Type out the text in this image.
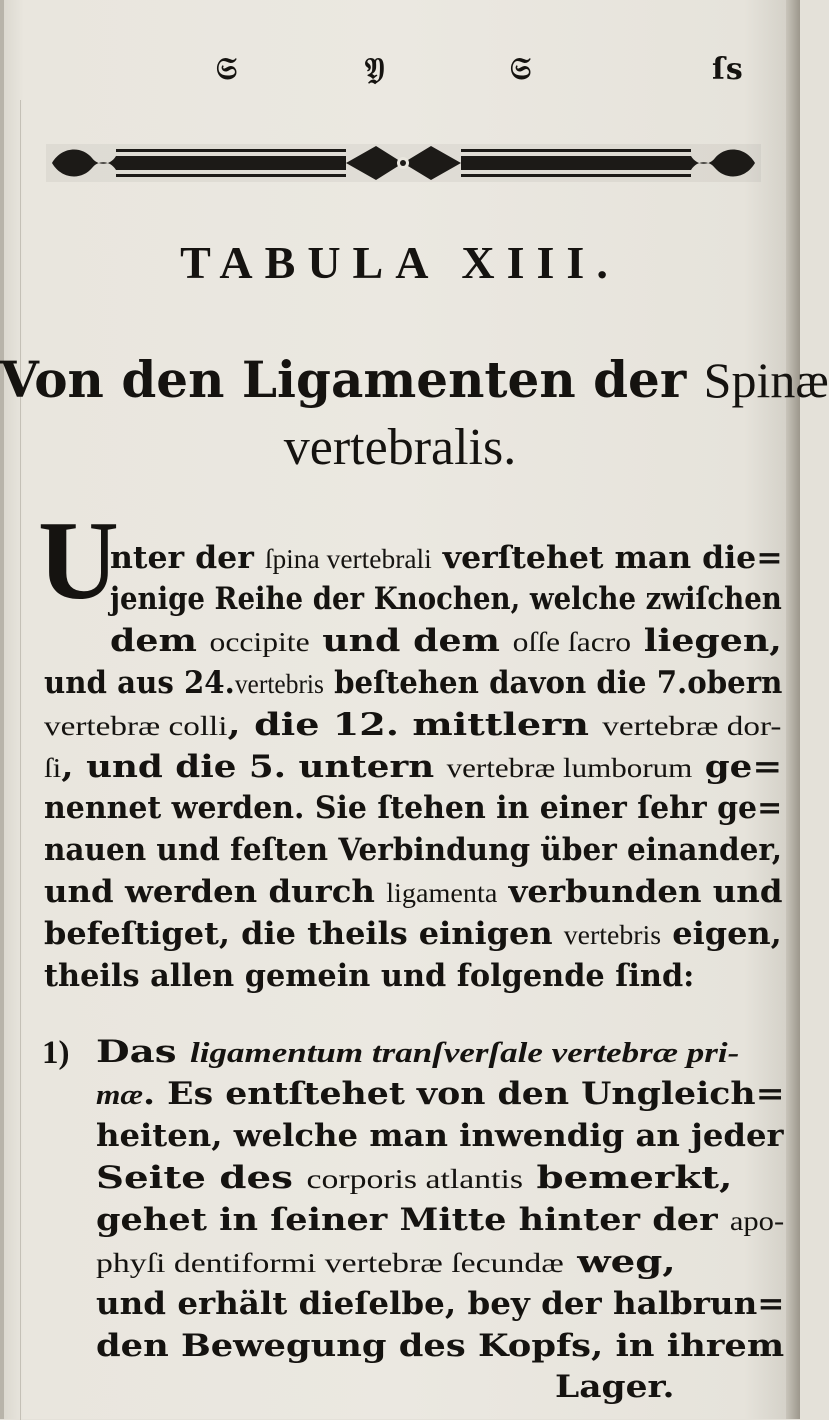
𝔖	𝔜	𝔖	ſs
TABULA XIII.
Von den Ligamenten der Spinæ
vertebralis.
U
nter der ſpina vertebrali verſtehet man die=
jenige Reihe der Knochen, welche zwiſchen
dem occipite und dem oſſe ſacro liegen,
und aus 24.vertebris beſtehen davon die 7.obern
vertebræ colli, die 12. mittlern vertebræ dor-
ſi, und die 5. untern vertebræ lumborum ge=
nennet werden. Sie ſtehen in einer ſehr ge=
nauen und feſten Verbindung über einander,
und werden durch ligamenta verbunden und
befeſtiget, die theils einigen vertebris eigen,
theils allen gemein und folgende ſind:
1) Das ligamentum tranſverſale vertebræ pri-
mæ. Es entſtehet von den Ungleich=
heiten, welche man inwendig an jeder
Seite des corporis atlantis bemerkt,
gehet in ſeiner Mitte hinter der apo-
phyſi dentiformi vertebræ ſecundæ weg,
und erhält dieſelbe, bey der halbrun=
den Bewegung des Kopfs, in ihrem
Lager.
